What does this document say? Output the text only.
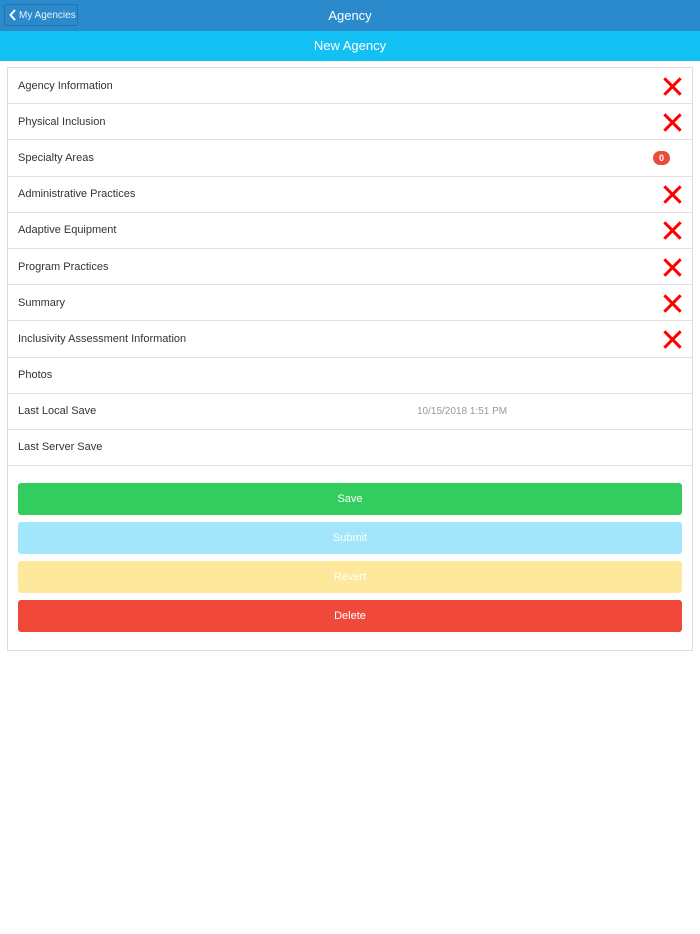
My Agencies	Agency
New Agency
Agency Information
Physical Inclusion
Specialty Areas	0
Administrative Practices
Adaptive Equipment
Program Practices
Summary
Inclusivity Assessment Information
Photos
Last Local Save	10/15/2018 1:51 PM
Last Server Save
Save
Submit
Revert
Delete
